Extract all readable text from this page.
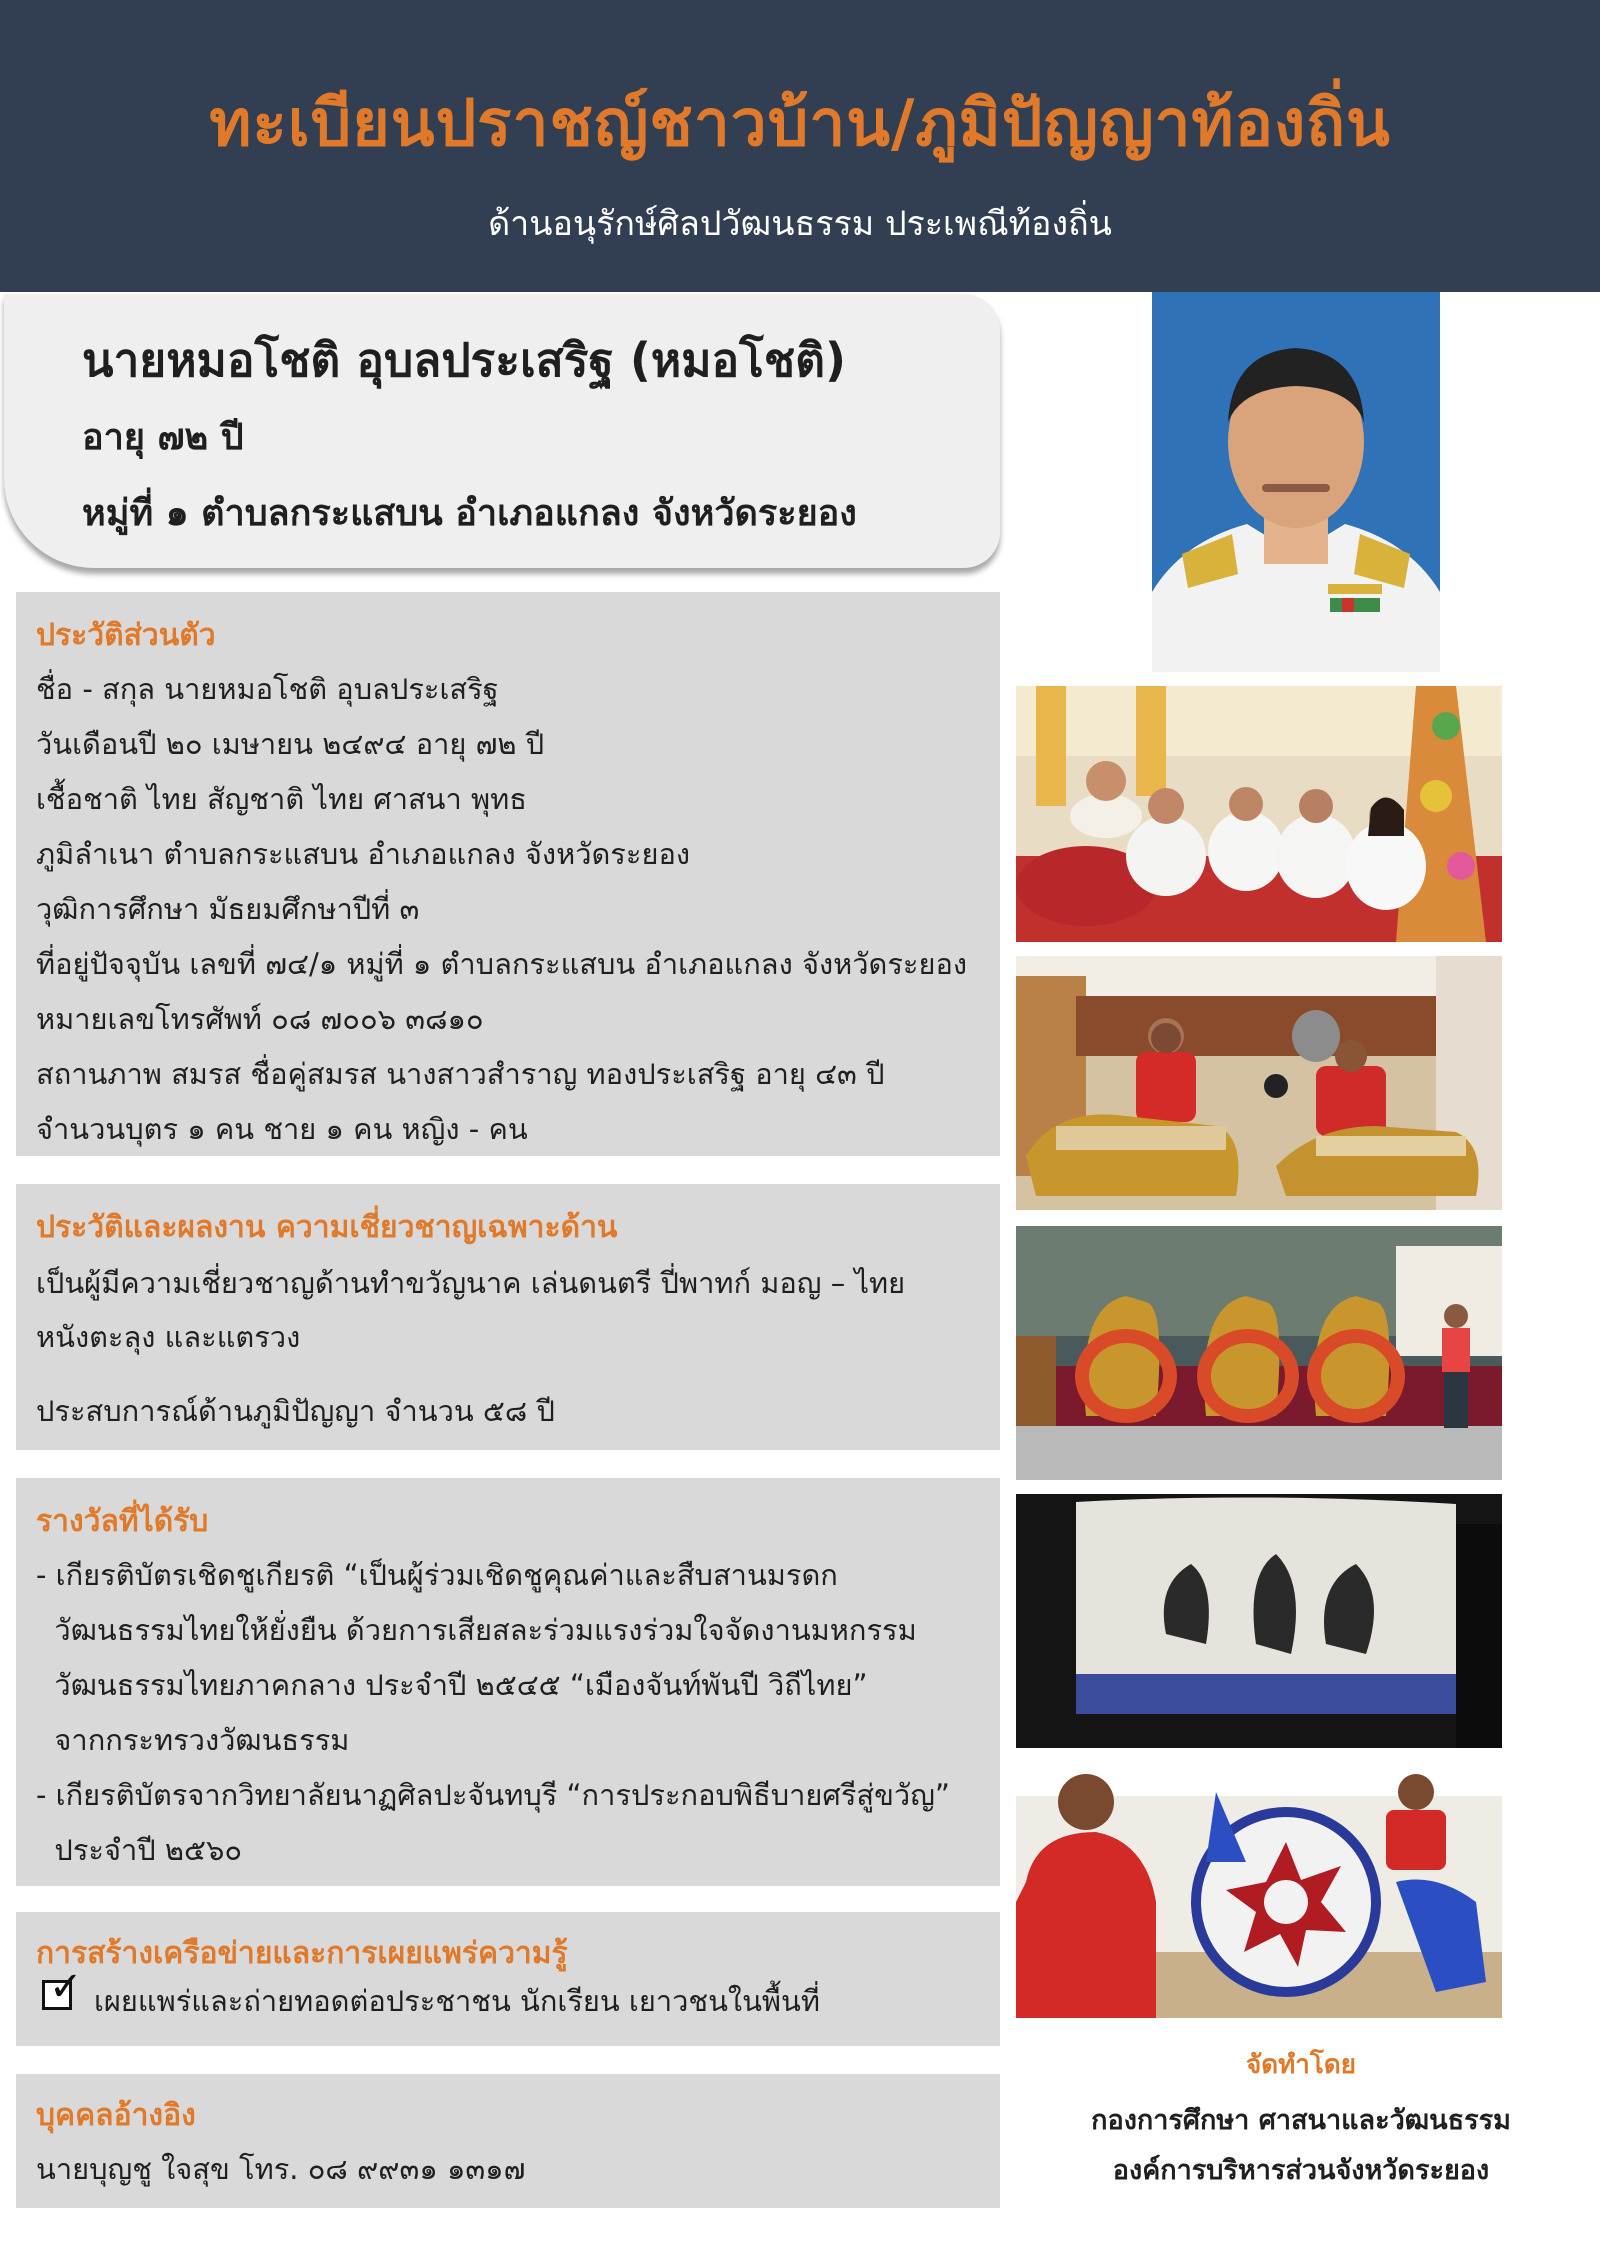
ทะเบียนปราชญ์ชาวบ้าน/ภูมิปัญญาท้องถิ่น
ด้านอนุรักษ์ศิลปวัฒนธรรม ประเพณีท้องถิ่น
นายหมอโชติ อุบลประเสริฐ (หมอโชติ)
อายุ ๗๒ ปี
หมู่ที่ ๑ ตำบลกระแสบน อำเภอแกลง จังหวัดระยอง
ประวัติส่วนตัว
ชื่อ - สกุล นายหมอโชติ อุบลประเสริฐ
วันเดือนปี ๒๐ เมษายน ๒๔๙๔ อายุ ๗๒ ปี
เชื้อชาติ ไทย สัญชาติ ไทย ศาสนา พุทธ
ภูมิลำเนา ตำบลกระแสบน อำเภอแกลง จังหวัดระยอง
วุฒิการศึกษา มัธยมศึกษาปีที่ ๓
ที่อยู่ปัจจุบัน เลขที่ ๗๔/๑ หมู่ที่ ๑ ตำบลกระแสบน อำเภอแกลง จังหวัดระยอง
หมายเลขโทรศัพท์ ๐๘ ๗๐๐๖ ๓๘๑๐
สถานภาพ สมรส ชื่อคู่สมรส นางสาวสำราญ ทองประเสริฐ อายุ ๔๓ ปี
จำนวนบุตร ๑ คน ชาย ๑ คน หญิง - คน
ประวัติและผลงาน ความเชี่ยวชาญเฉพาะด้าน
เป็นผู้มีความเชี่ยวชาญด้านทำขวัญนาค เล่นดนตรี ปี่พาทก์ มอญ – ไทย
หนังตะลุง และแตรวง
ประสบการณ์ด้านภูมิปัญญา จำนวน ๕๘ ปี
รางวัลที่ได้รับ
- เกียรติบัตรเชิดชูเกียรติ “เป็นผู้ร่วมเชิดชูคุณค่าและสืบสานมรดก
วัฒนธรรมไทยให้ยั่งยืน ด้วยการเสียสละร่วมแรงร่วมใจจัดงานมหกรรม
วัฒนธรรมไทยภาคกลาง ประจำปี ๒๕๔๕ “เมืองจันท์พันปี วิถีไทย”
จากกระทรวงวัฒนธรรม
- เกียรติบัตรจากวิทยาลัยนาฏศิลปะจันทบุรี “การประกอบพิธีบายศรีสู่ขวัญ”
ประจำปี ๒๕๖๐
การสร้างเครือข่ายและการเผยแพร่ความรู้
✓ เผยแพร่และถ่ายทอดต่อประชาชน นักเรียน เยาวชนในพื้นที่
บุคคลอ้างอิง
นายบุญชู ใจสุข โทร. ๐๘ ๙๙๓๑ ๑๓๑๗
จัดทำโดย
กองการศึกษา ศาสนาและวัฒนธรรม
องค์การบริหารส่วนจังหวัดระยอง
